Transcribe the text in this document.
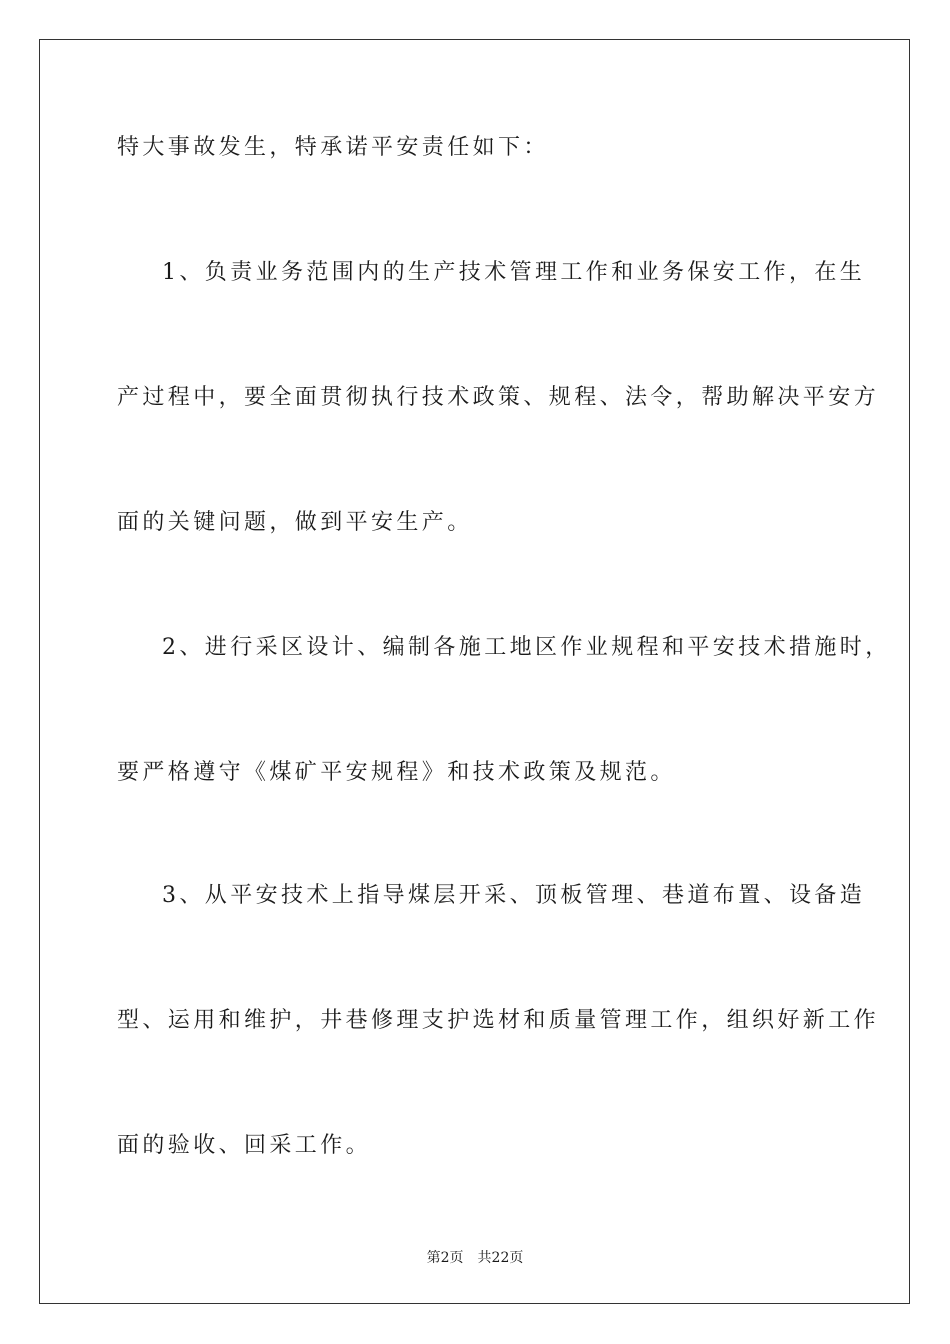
特大事故发生，特承诺平安责任如下：
1、负责业务范围内的生产技术管理工作和业务保安工作，在生
产过程中，要全面贯彻执行技术政策、规程、法令，帮助解决平安方
面的关键问题，做到平安生产。
2、进行采区设计、编制各施工地区作业规程和平安技术措施时，
要严格遵守《煤矿平安规程》和技术政策及规范。
3、从平安技术上指导煤层开采、顶板管理、巷道布置、设备造
型、运用和维护，井巷修理支护选材和质量管理工作，组织好新工作
面的验收、回采工作。
第2页 共22页
